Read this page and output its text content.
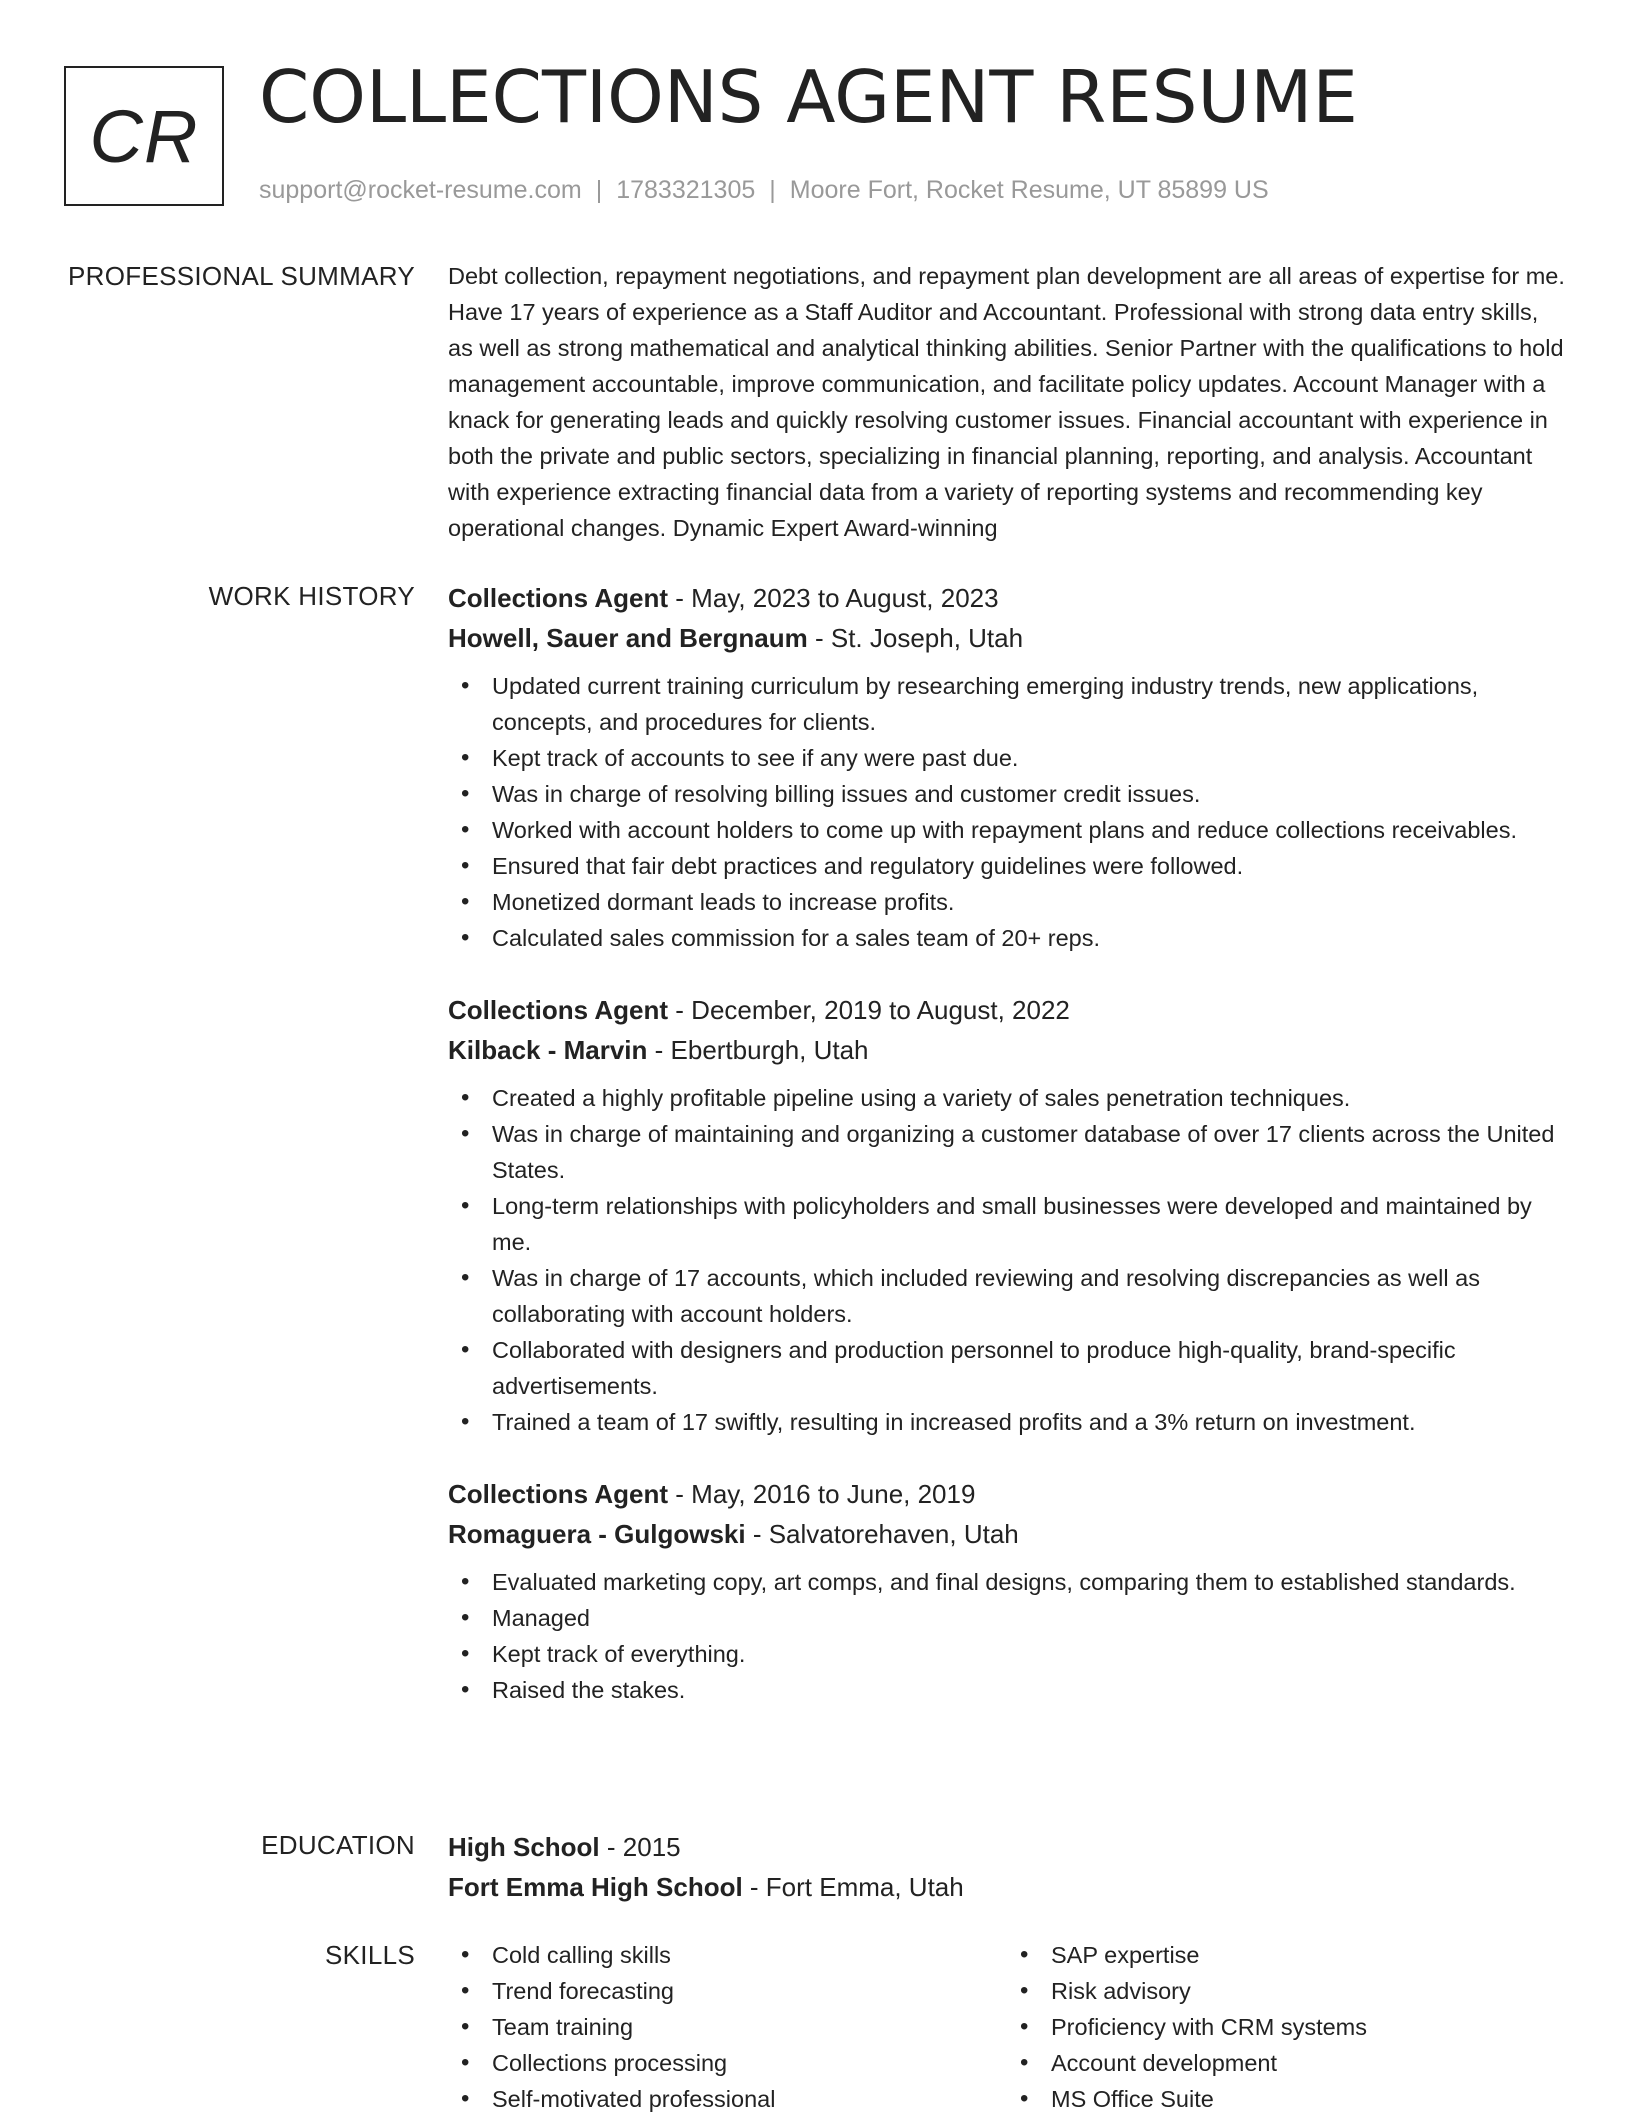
CR COLLECTIONS AGENT RESUME
support@rocket-resume.com | 1783321305 | Moore Fort, Rocket Resume, UT 85899 US
PROFESSIONAL SUMMARY Debt collection, repayment negotiations, and repayment plan development are all areas of expertise for me. Have 17 years of experience as a Staff Auditor and Accountant. Professional with strong data entry skills, as well as strong mathematical and analytical thinking abilities. Senior Partner with the qualifications to hold management accountable, improve communication, and facilitate policy updates. Account Manager with a knack for generating leads and quickly resolving customer issues. Financial accountant with experience in both the private and public sectors, specializing in financial planning, reporting, and analysis. Accountant with experience extracting financial data from a variety of reporting systems and recommending key operational changes. Dynamic Expert Award-winning

WORK HISTORY Collections Agent - May, 2023 to August, 2023
Howell, Sauer and Bergnaum - St. Joseph, Utah
• Updated current training curriculum by researching emerging industry trends, new applications, concepts, and procedures for clients.
• Kept track of accounts to see if any were past due.
• Was in charge of resolving billing issues and customer credit issues.
• Worked with account holders to come up with repayment plans and reduce collections receivables.
• Ensured that fair debt practices and regulatory guidelines were followed.
• Monetized dormant leads to increase profits.
• Calculated sales commission for a sales team of 20+ reps.
Collections Agent - December, 2019 to August, 2022
Kilback - Marvin - Ebertburgh, Utah
• Created a highly profitable pipeline using a variety of sales penetration techniques.
• Was in charge of maintaining and organizing a customer database of over 17 clients across the United States.
• Long-term relationships with policyholders and small businesses were developed and maintained by me.
• Was in charge of 17 accounts, which included reviewing and resolving discrepancies as well as collaborating with account holders.
• Collaborated with designers and production personnel to produce high-quality, brand-specific advertisements.
• Trained a team of 17 swiftly, resulting in increased profits and a 3% return on investment.
Collections Agent - May, 2016 to June, 2019
Romaguera - Gulgowski - Salvatorehaven, Utah
• Evaluated marketing copy, art comps, and final designs, comparing them to established standards.
• Managed
• Kept track of everything.
• Raised the stakes.
EDUCATION High School - 2015
Fort Emma High School - Fort Emma, Utah
SKILLS
•	Cold calling skills
• Trend forecasting
• Team training
• Collections processing
• Self-motivated professional
• SAP expertise
• Risk advisory
• Proficiency with CRM systems
• Account development
• MS Office Suite
